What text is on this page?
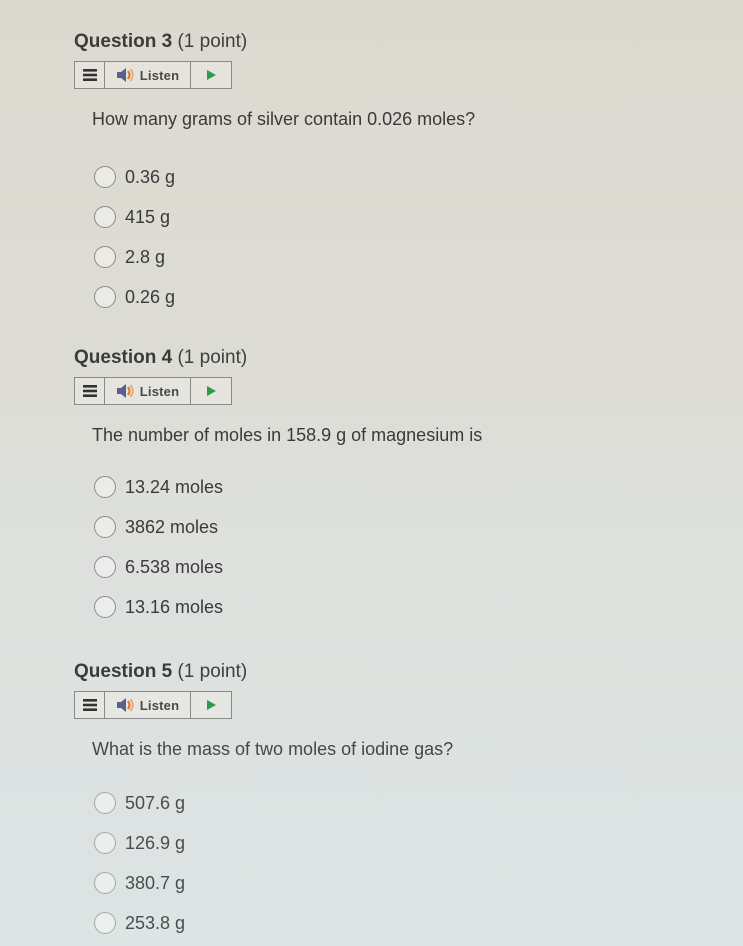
Question 3 (1 point)
Listen
How many grams of silver contain 0.026 moles?
0.36 g
415 g
2.8 g
0.26 g
Question 4 (1 point)
Listen
The number of moles in 158.9 g of magnesium is
13.24 moles
3862 moles
6.538 moles
13.16 moles
Question 5 (1 point)
Listen
What is the mass of two moles of iodine gas?
507.6 g
126.9 g
380.7 g
253.8 g
